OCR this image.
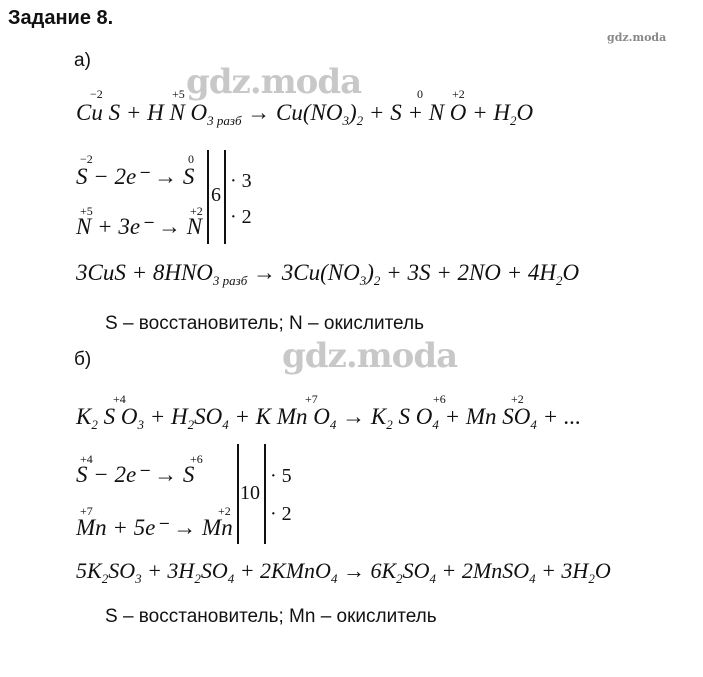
Задание 8.
gdz.moda
gdz.moda
gdz.moda
а)
−2	+5	0 +2
Cu S + H N $O_{3 разб} \to Cu(NO_3)_2 + S + N$ $O + H_2O$
−2	0
S − 2e⁻ → S
+5	+2
N + 3e⁻ → N
6
· 3
· 2
$3CuS + 8HNO_{3 разб} \to 3Cu(NO_3)_2 + 3S + 2NO + 4H_2O$
S – восстановитель; N – окислитель
б)
+4	+7	+6	+2
$K_2$ S $O_3 + H_2SO_4 + K$ Mn $O_4 \to K_2$ S $O_4 + Mn$ $SO_4$ + ...
+4	+6
S − 2e⁻ → S
+7	+2
Mn + 5e⁻ → Mn
10
· 5
· 2
$5K_2SO_3 + 3H_2SO_4$ + 2KMnO$_4$ → $6K_2SO_4$ + 2MnSO$_4$ + $3H_2O$
S – восстановитель; Mn – окислитель
